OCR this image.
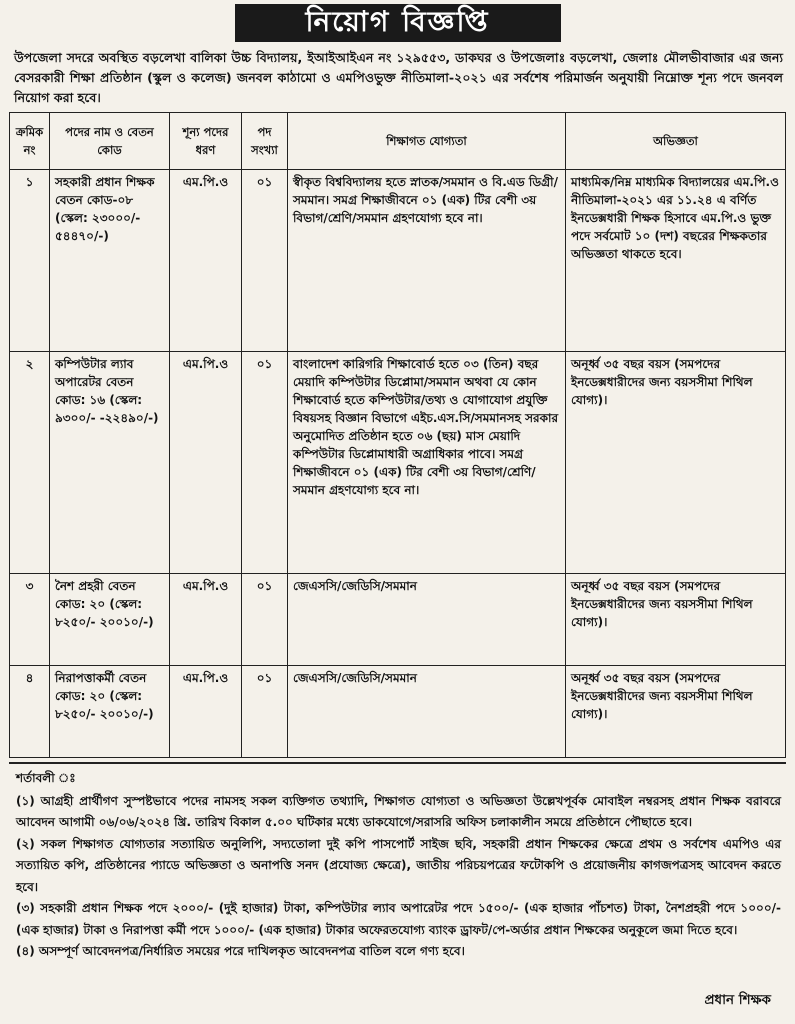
নিয়োগ বিজ্ঞপ্তি
উপজেলা সদরে অবস্থিত বড়লেখা বালিকা উচ্চ বিদ্যালয়, ইআইআইএন নং ১২৯৫৫৩, ডাকঘর ও উপজেলাঃ বড়লেখা, জেলাঃ মৌলভীবাজার এর জন্য বেসরকারী শিক্ষা প্রতিষ্ঠান (স্কুল ও কলেজ) জনবল কাঠামো ও এমপিওভুক্ত নীতিমালা-২০২১ এর সর্বশেষ পরিমার্জন অনুযায়ী নিম্নোক্ত শূন্য পদে জনবল নিয়োগ করা হবে।
ক্রমিক নং	পদের নাম ও বেতন কোড	শূন্য পদের ধরণ	পদ সংখ্যা	শিক্ষাগত যোগ্যতা	অভিজ্ঞতা
১	সহকারী প্রধান শিক্ষক বেতন কোড-০৮ (স্কেল: ২৩০০০/- ৫৪৪৭০/-)	এম.পি.ও	০১	স্বীকৃত বিশ্ববিদ্যালয় হতে স্নাতক/সমমান ও বি.এড ডিগ্রী/সমমান। সমগ্র শিক্ষাজীবনে ০১ (এক) টির বেশী ৩য় বিভাগ/শ্রেণি/সমমান গ্রহণযোগ্য হবে না।	মাধ্যমিক/নিম্ন মাধ্যমিক বিদ্যালয়ের এম.পি.ও নীতিমালা-২০২১ এর ১১.২৪ এ বর্ণিত ইনডেক্সধারী শিক্ষক হিসাবে এম.পি.ও ভুক্ত পদে সর্বমোট ১০ (দশ) বছরের শিক্ষকতার অভিজ্ঞতা থাকতে হবে।
২	কম্পিউটার ল্যাব অপারেটর বেতন কোড: ১৬ (স্কেল: ৯৩০০/- -২২৪৯০/-)	এম.পি.ও	০১	বাংলাদেশ কারিগরি শিক্ষাবোর্ড হতে ০৩ (তিন) বছর মেয়াদি কম্পিউটার ডিপ্লোমা/সমমান অথবা যে কোন শিক্ষাবোর্ড হতে কম্পিউটার/তথ্য ও যোগাযোগ প্রযুক্তি বিষয়সহ বিজ্ঞান বিভাগে এইচ.এস.সি/সমমানসহ সরকার অনুমোদিত প্রতিষ্ঠান হতে ০৬ (ছয়) মাস মেয়াদি কম্পিউটার ডিপ্লোমাধারী অগ্রাধিকার পাবে। সমগ্র শিক্ষাজীবনে ০১ (এক) টির বেশী ৩য় বিভাগ/শ্রেণি/সমমান গ্রহণযোগ্য হবে না।	অনূর্ধ্ব ৩৫ বছর বয়স (সমপদের ইনডেক্সধারীদের জন্য বয়সসীমা শিথিল যোগ্য)।
৩	নৈশ প্রহরী বেতন কোড: ২০ (স্কেল: ৮২৫০/- ২০০১০/-)	এম.পি.ও	০১	জেএসসি/জেডিসি/সমমান	অনূর্ধ্ব ৩৫ বছর বয়স (সমপদের ইনডেক্সধারীদের জন্য বয়সসীমা শিথিল যোগ্য)।
৪	নিরাপত্তাকর্মী বেতন কোড: ২০ (স্কেল: ৮২৫০/- ২০০১০/-)	এম.পি.ও	০১	জেএসসি/জেডিসি/সমমান	অনূর্ধ্ব ৩৫ বছর বয়স (সমপদের ইনডেক্সধারীদের জন্য বয়সসীমা শিথিল যোগ্য)।
শর্তাবলী ঃ

(১) আগ্রহী প্রার্থীগণ সুস্পষ্টভাবে পদের নামসহ সকল ব্যক্তিগত তথ্যাদি, শিক্ষাগত যোগ্যতা ও অভিজ্ঞতা উল্লেখপূর্বক মোবাইল নম্বরসহ প্রধান শিক্ষক বরাবরে আবেদন আগামী ০৬/০৬/২০২৪ খ্রি. তারিখ বিকাল ৫.০০ ঘটিকার মধ্যে ডাকযোগে/সরাসরি অফিস চলাকালীন সময়ে প্রতিষ্ঠানে পৌছাতে হবে।

(২) সকল শিক্ষাগত যোগ্যতার সত্যায়িত অনুলিপি, সদ্যতোলা দুই কপি পাসপোর্ট সাইজ ছবি, সহকারী প্রধান শিক্ষকের ক্ষেত্রে প্রথম ও সর্বশেষ এমপিও এর সত্যায়িত কপি, প্রতিষ্ঠানের প্যাডে অভিজ্ঞতা ও অনাপত্তি সনদ (প্রযোজ্য ক্ষেত্রে), জাতীয় পরিচয়পত্রের ফটোকপি ও প্রয়োজনীয় কাগজপত্রসহ আবেদন করতে হবে।

(৩) সহকারী প্রধান শিক্ষক পদে ২০০০/- (দুই হাজার) টাকা, কম্পিউটার ল্যাব অপারেটর পদে ১৫০০/- (এক হাজার পাঁচশত) টাকা, নৈশপ্রহরী পদে ১০০০/- (এক হাজার) টাকা ও নিরাপত্তা কর্মী পদে ১০০০/- (এক হাজার) টাকার অফেরতযোগ্য ব্যাংক ড্রাফট/পে-অর্ডার প্রধান শিক্ষকের অনুকূলে জমা দিতে হবে।

(৪) অসম্পূর্ণ আবেদনপত্র/নির্ধারিত সময়ের পরে দাখিলকৃত আবেদনপত্র বাতিল বলে গণ্য হবে।

প্রধান শিক্ষক
